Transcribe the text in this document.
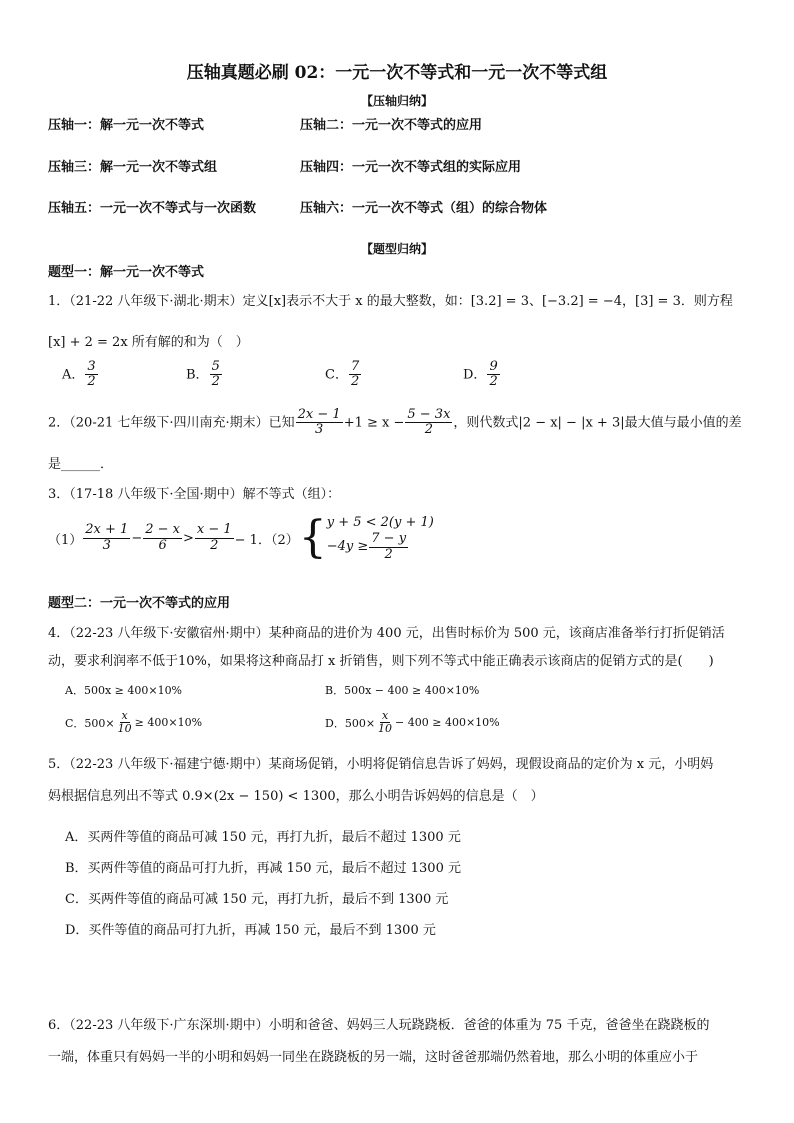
压轴真题必刷 02：一元一次不等式和一元一次不等式组
【压轴归纳】
压轴一：解一元一次不等式	压轴二：一元一次不等式的应用
压轴三：解一元一次不等式组	压轴四：一元一次不等式组的实际应用
压轴五：一元一次不等式与一次函数	压轴六：一元一次不等式（组）的综合物体
【题型归纳】
题型一：解一元一次不等式
1．（21-22 八年级下·湖北·期末）定义[x]表示不大于 x 的最大整数，如：[3.2] = 3、[−3.2] = −4，[3] = 3．则方程
[x] + 2 = 2x 所有解的和为（　）
A． $\frac{3}{2}$	B． $\frac{5}{2}$	C． $\frac{7}{2}$	D． $\frac{9}{2}$
2．（20-21 七年级下·四川南充·期末）已知 $\frac{2x - 1}{3} +1 \ge x - \frac{5 - 3x}{2}$ ，则代数式|2 − x| − |x + 3|最大值与最小值的差
是______．
3．（17-18 八年级下·全国·期中）解不等式（组）：
$(1) \frac{2x + 1}{3} - \frac{2 - x}{6} > \frac{x - 1}{2} - 1$．（2） { y + 5 < 2(y + 1)
$-4y \ge \frac{7 - y}{2}$
题型二：一元一次不等式的应用
4．（22-23 八年级下·安徽宿州·期中）某种商品的进价为 400 元，出售时标价为 500 元，该商店准备举行打折促销活
动，要求利润率不低于10%，如果将这种商品打 x 折销售，则下列不等式中能正确表示该商店的促销方式的是(　　)
A．500x ≥ 400×10%	B．500x − 400 ≥ 400×10%
C．$500\times \frac{x}{10} \ge 400\times 10\%$	D．$500\times \frac{x}{10} - 400 \ge 400\times 10\%$
5．（22-23 八年级下·福建宁德·期中）某商场促销，小明将促销信息告诉了妈妈，现假设商品的定价为 x 元，小明妈
妈根据信息列出不等式 0.9×(2x − 150) < 1300，那么小明告诉妈妈的信息是（　）
A．买两件等值的商品可减 150 元，再打九折，最后不超过 1300 元
B．买两件等值的商品可打九折，再减 150 元，最后不超过 1300 元
C．买两件等值的商品可减 150 元，再打九折，最后不到 1300 元
D．买件等值的商品可打九折，再减 150 元，最后不到 1300 元
6．（22-23 八年级下·广东深圳·期中）小明和爸爸、妈妈三人玩跷跷板．爸爸的体重为 75 千克，爸爸坐在跷跷板的
一端，体重只有妈妈一半的小明和妈妈一同坐在跷跷板的另一端，这时爸爸那端仍然着地，那么小明的体重应小于
